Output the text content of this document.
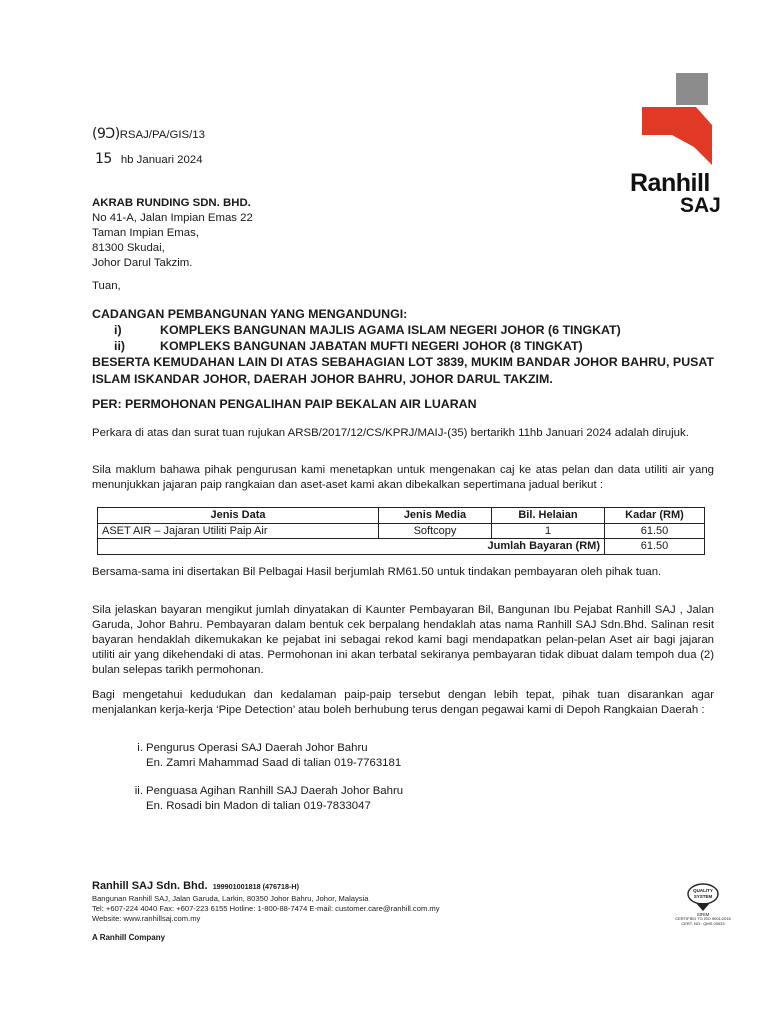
Ranhill
SAJ
(9Ɔ)RSAJ/PA/GIS/13
15 hb Januari 2024
AKRAB RUNDING SDN. BHD.
No 41-A, Jalan Impian Emas 22
Taman Impian Emas,
81300 Skudai,
Johor Darul Takzim.
Tuan,
CADANGAN PEMBANGUNAN YANG MENGANDUNGI:
i)	KOMPLEKS BANGUNAN MAJLIS AGAMA ISLAM NEGERI JOHOR (6 TINGKAT)
ii)	KOMPLEKS BANGUNAN JABATAN MUFTI NEGERI JOHOR (8 TINGKAT)
BESERTA KEMUDAHAN LAIN DI ATAS SEBAHAGIAN LOT 3839, MUKIM BANDAR JOHOR BAHRU, PUSAT ISLAM ISKANDAR JOHOR, DAERAH JOHOR BAHRU, JOHOR DARUL TAKZIM.
PER: PERMOHONAN PENGALIHAN PAIP BEKALAN AIR LUARAN

Perkara di atas dan surat tuan rujukan ARSB/2017/12/CS/KPRJ/MAIJ-(35) bertarikh 11hb Januari 2024 adalah dirujuk.

Sila maklum bahawa pihak pengurusan kami menetapkan untuk mengenakan caj ke atas pelan dan data utiliti air yang menunjukkan jajaran paip rangkaian dan aset-aset kami akan dibekalkan sepertimana jadual berikut :

Jenis Data	Jenis Media	Bil. Helaian	Kadar (RM)
ASET AIR – Jajaran Utiliti Paip Air	Softcopy	1	61.50
Jumlah Bayaran (RM)			61.50

Bersama-sama ini disertakan Bil Pelbagai Hasil berjumlah RM61.50 untuk tindakan pembayaran oleh pihak tuan.

Sila jelaskan bayaran mengikut jumlah dinyatakan di Kaunter Pembayaran Bil, Bangunan Ibu Pejabat Ranhill SAJ , Jalan Garuda, Johor Bahru. Pembayaran dalam bentuk cek berpalang hendaklah atas nama Ranhill SAJ Sdn.Bhd. Salinan resit bayaran hendaklah dikemukakan ke pejabat ini sebagai rekod kami bagi mendapatkan pelan-pelan Aset air bagi jajaran utiliti air yang dikehendaki di atas. Permohonan ini akan terbatal sekiranya pembayaran tidak dibuat dalam tempoh dua (2) bulan selepas tarikh permohonan.

Bagi mengetahui kedudukan dan kedalaman paip-paip tersebut dengan lebih tepat, pihak tuan disarankan agar menjalankan kerja-kerja ‘Pipe Detection’ atau boleh berhubung terus dengan pegawai kami di Depoh Rangkaian Daerah :

i. Pengurus Operasi SAJ Daerah Johor Bahru
En. Zamri Mahammad Saad di talian 019-7763181
ii. Penguasa Agihan Ranhill SAJ Daerah Johor Bahru
En. Rosadi bin Madon di talian 019-7833047
Ranhill SAJ Sdn. Bhd. 199901001818 (476718-H)
Bangunan Ranhill SAJ, Jalan Garuda, Larkin, 80350 Johor Bahru, Johor, Malaysia
Tel: +607-224 4040 Fax: +607-223 6155 Hotline: 1-800-88-7474 E-mail: customer.care@ranhill.com.my
Website: www.ranhillsaj.com.my
A Ranhill Company
QUALITY
SYSTEM
SIRIM
CERTIFIED TO ISO 9001:2015
CERT. NO.: QMS 00533
